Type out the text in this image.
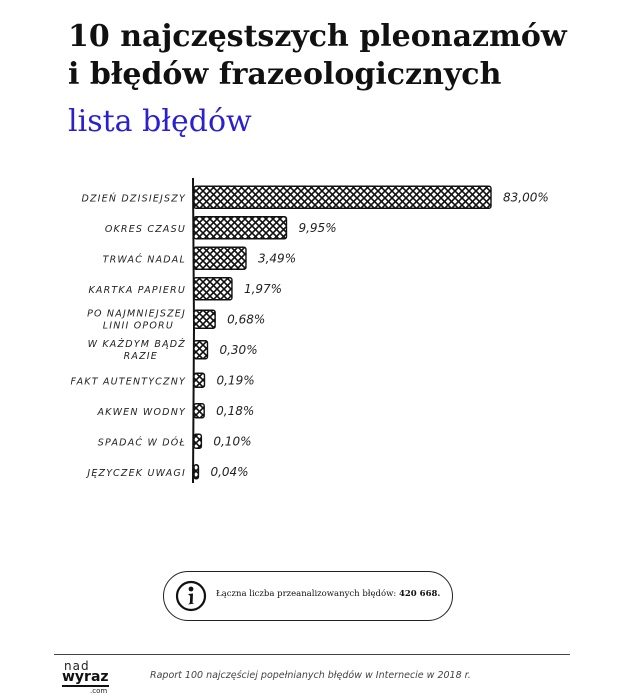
10 najczęstszych pleonazmów
i błędów frazeologicznych
lista błędów
DZIEŃ DZISIEJSZY	83,00%
OKRES CZASU	9,95%
TRWAĆ NADAL	3,49%
KARTKA PAPIERU	1,97%
PO NAJMNIEJSZEJ LINII OPORU	0,68%
W KAŻDYM BĄDŹ RAZIE	0,30%
FAKT AUTENTYCZNY	0,19%
AKWEN WODNY	0,18%
SPADAĆ W DÓŁ 0,10%
JĘZYCZEK UWAGI 0,04%
Łączna liczba przeanalizowanych błędów: 420 668.
nad
wyraz
.com
Raport 100 najczęściej popełnianych błędów w Internecie w 2018 r.
